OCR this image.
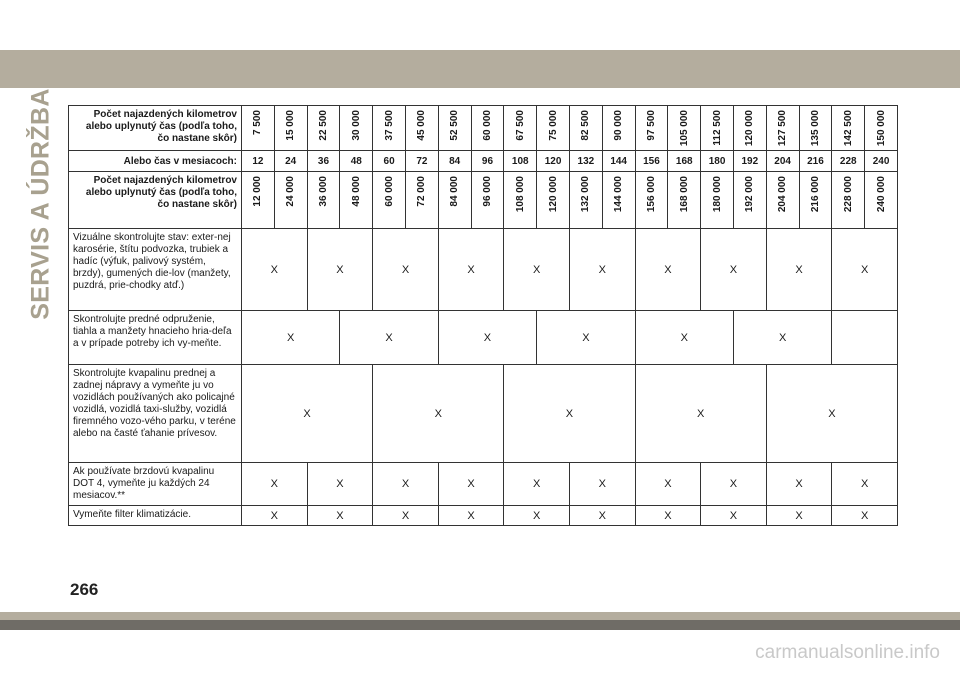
SERVIS A ÚDRŽBA	Počet najazdených kilometrov alebo uplynutý čas (podľa toho, čo nastane skôr)	7 500	15 000	22 500	30 000	37 500	45 000	52 500	60 000	67 500	75 000	82 500	90 000	97 500	105 000	112 500	120 000	127 500	135 000	142 500	150 000
Alebo čas v mesiacoch:	12	24	36	48	60	72	84	96	108	120	132	144	156	168	180	192	204	216	228	240
Počet najazdených kilometrov alebo uplynutý čas (podľa toho, čo nastane skôr)	12 000	24 000	36 000	48 000	60 000	72 000	84 000	96 000	108 000	120 000	132 000	144 000	156 000	168 000	180 000	192 000	204 000	216 000	228 000	240 000
Vizuálne skontrolujte stav: exter-nej karosérie, štítu podvozka, trubiek a hadíc (výfuk, palivový systém, brzdy), gumených die-lov (manžety, puzdrá, prie-chodky atď.)	X		X		X		X		X		X		X		X		X		X	
Skontrolujte predné odpruženie, tiahla a manžety hnacieho hria-deľa a v prípade potreby ich vy-meňte.	X			X			X			X			X			X				
Skontrolujte kvapalinu prednej a zadnej nápravy a vymeňte ju vo vozidlách používaných ako policajné vozidlá, vozidlá taxi-služby, vozidlá firemného vozo-vého parku, v teréne alebo na časté ťahanie prívesov.	X				X				X				X				X			
Ak používate brzdovú kvapalinu DOT 4, vymeňte ju každých 24 mesiacov.**	X		X		X		X		X		X		X		X		X		X	
Vymeňte filter klimatizácie.	X		X		X		X		X		X		X		X		X		X	
266
carmanualsonline.info
